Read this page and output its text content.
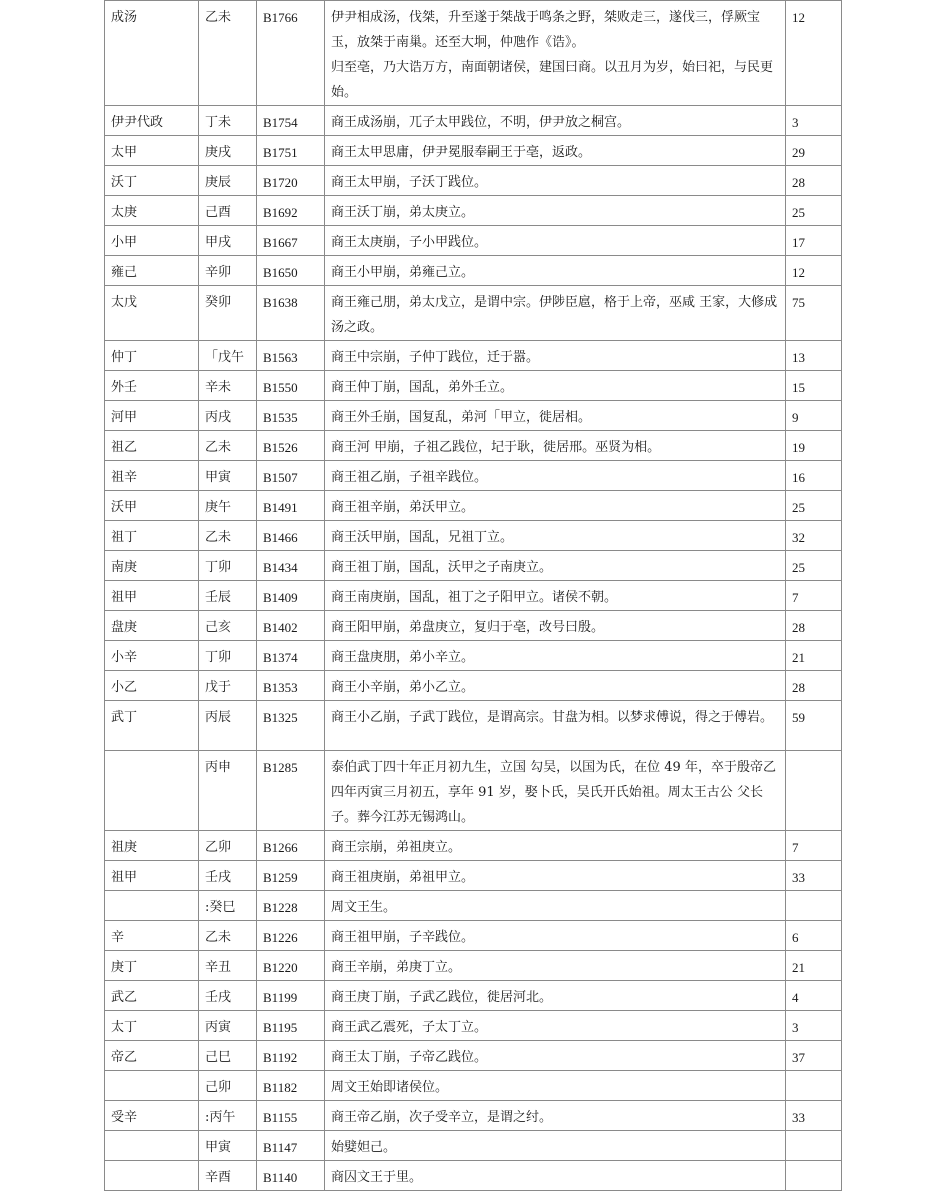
成汤	乙未	B1766	伊尹相成汤，伐桀，升至遂于桀战于鸣条之野，桀败走三，遂伐三，俘厥宝玉，放桀于南巢。还至大坰，仲虺作《诰》。
归至亳，乃大诰万方，南面朝诸侯，建国曰商。以丑月为岁，始曰祀，与民更始。	12
伊尹代政	丁未	B1754	商王成汤崩，兀子太甲践位，不明，伊尹放之桐宫。	3
太甲	庚戌	B1751	商王太甲思庸，伊尹冕服奉嗣王于亳，返政。	29
沃丁	庚辰	B1720	商王太甲崩，子沃丁践位。	28
太庚	己酉	B1692	商王沃丁崩，弟太庚立。	25
小甲	甲戌	B1667	商王太庚崩，子小甲践位。	17
雍己	辛卯	B1650	商王小甲崩，弟雍己立。	12
太戊	癸卯	B1638	商王雍己朋，弟太戊立，是谓中宗。伊陟臣扈，格于上帝，巫咸 王家，大修成汤之政。	75
仲丁	「戊午	B1563	商王中宗崩，子仲丁践位，迁于嚣。	13
外壬	辛未	B1550	商王仲丁崩，国乱，弟外壬立。	15
河甲	丙戌	B1535	商王外壬崩，国复乱，弟河「甲立，徙居相。	9
祖乙	乙未	B1526	商王河 甲崩，子祖乙践位，圮于耿，徙居邢。巫贤为相。	19
祖辛	甲寅	B1507	商王祖乙崩，子祖辛践位。	16
沃甲	庚午	B1491	商王祖辛崩，弟沃甲立。	25
祖丁	乙未	B1466	商王沃甲崩，国乱，兄祖丁立。	32
南庚	丁卯	B1434	商王祖丁崩，国乱，沃甲之子南庚立。	25
祖甲	壬辰	B1409	商王南庚崩，国乱，祖丁之子阳甲立。诸侯不朝。	7
盘庚	己亥	B1402	商王阳甲崩，弟盘庚立，复归于亳，改号曰殷。	28
小辛	丁卯	B1374	商王盘庚朋，弟小辛立。	21
小乙	戊于	B1353	商王小辛崩，弟小乙立。	28
武丁	丙辰	B1325	商王小乙崩，子武丁践位，是谓高宗。甘盘为相。以梦求傅说，得之于傅岩。	59
	丙申	B1285	泰伯武丁四十年正月初九生，立国 勾吴，以国为氏，在位 49 年，卒于殷帝乙四年丙寅三月初五，享年 91 岁，娶卜氏，吴氏开氏始祖。周太王古公 父长子。葬今江苏无锡鸿山。	

祖庚	乙卯	B1266	商王宗崩，弟祖庚立。	7
祖甲	壬戌	B1259	商王祖庚崩，弟祖甲立。	33
	:癸巳	B1228	周文王生。	

辛	乙未	B1226	商王祖甲崩，子辛践位。	6
庚丁	辛丑	B1220	商王辛崩，弟庚丁立。	21
武乙	壬戌	B1199	商王庚丁崩，子武乙践位，徙居河北。	4
太丁	丙寅	B1195	商王武乙震死，子太丁立。	3
帝乙	己巳	B1192	商王太丁崩，子帝乙践位。	37
	己卯	B1182	周文王始即诸侯位。	

受辛	:丙午	B1155	商王帝乙崩，次子受辛立，是谓之纣。	33
	甲寅	B1147	始嬖妲己。	

	辛酉	B1140	商囚文王于里。	
